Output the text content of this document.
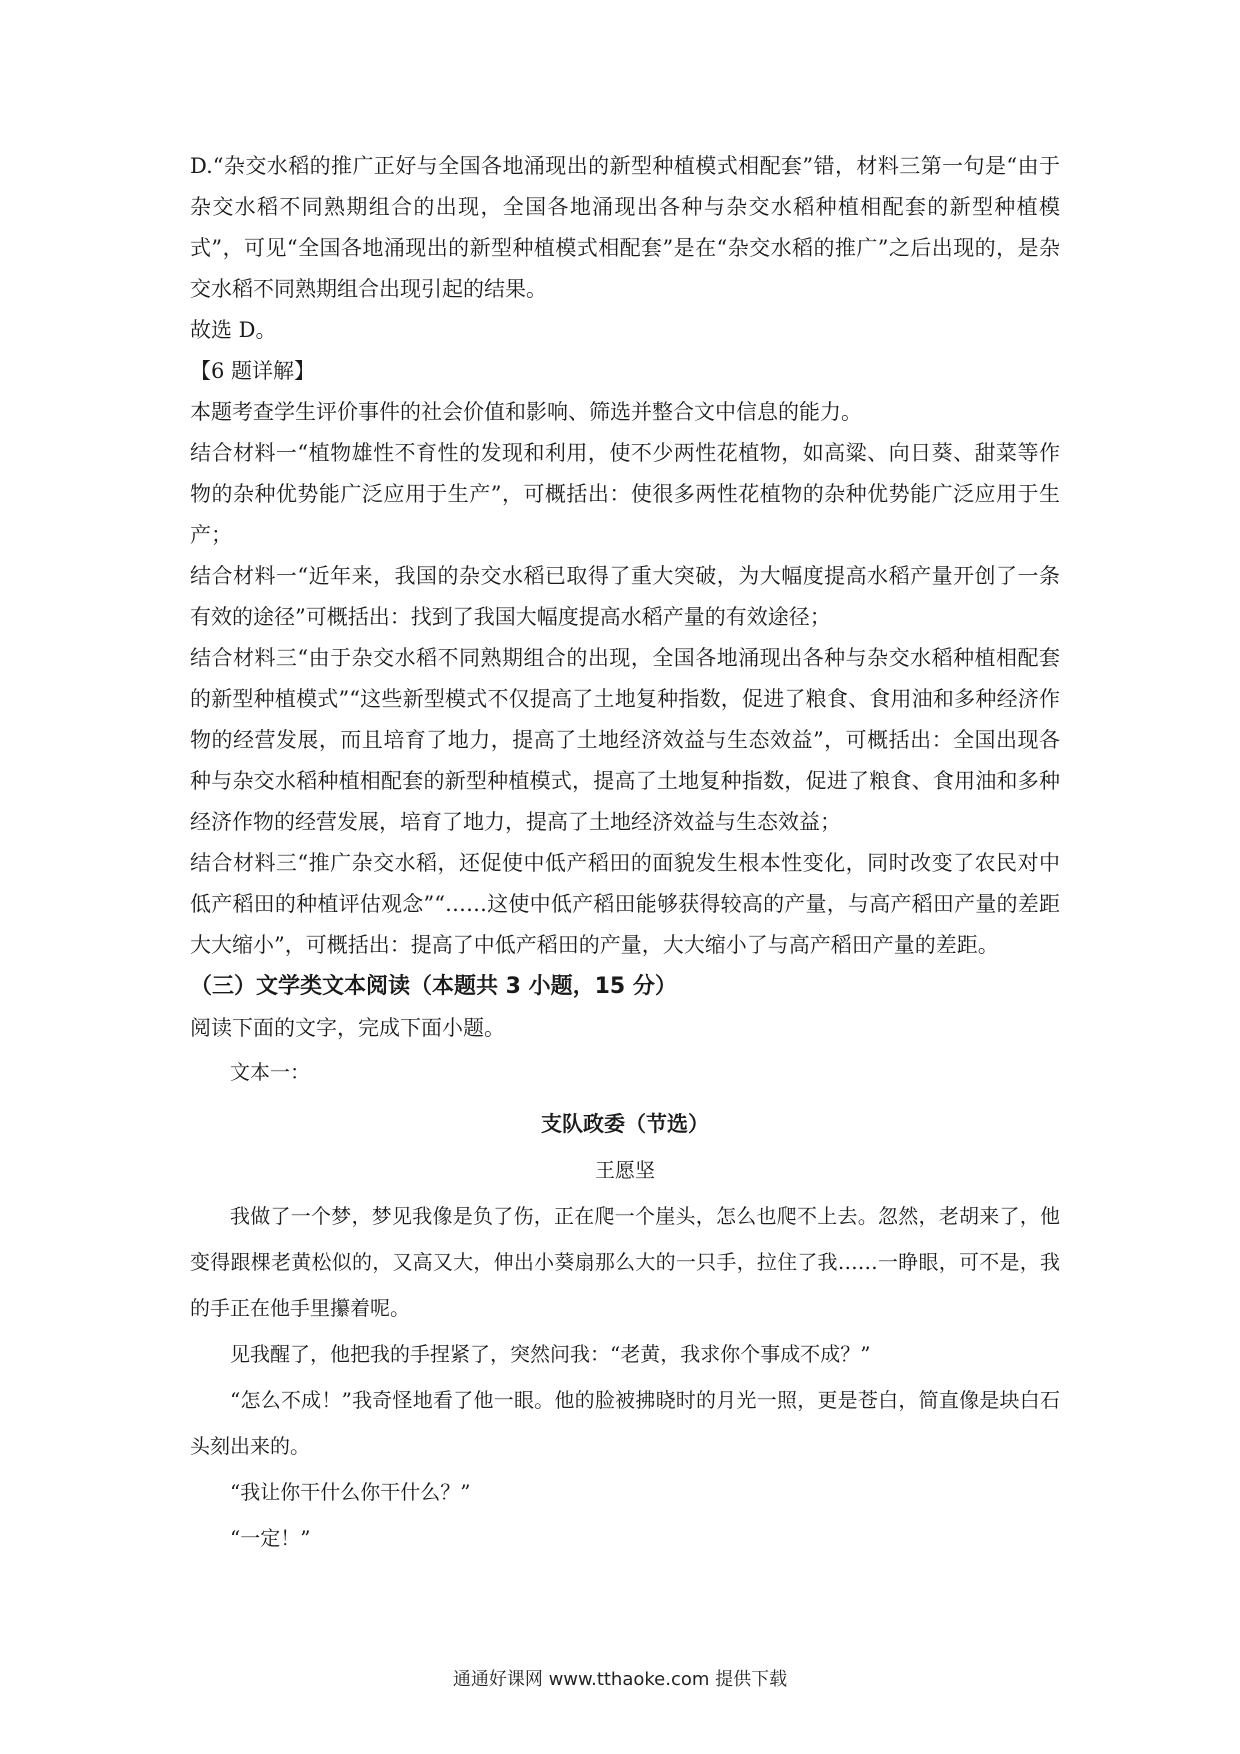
D.“杂交水稻的推广正好与全国各地涌现出的新型种植模式相配套”错，材料三第一句是“由于杂交水稻不同熟期组合的出现，全国各地涌现出各种与杂交水稻种植相配套的新型种植模式”，可见“全国各地涌现出的新型种植模式相配套”是在“杂交水稻的推广”之后出现的，是杂交水稻不同熟期组合出现引起的结果。

故选 D。

【6 题详解】

本题考查学生评价事件的社会价值和影响、筛选并整合文中信息的能力。

结合材料一“植物雄性不育性的发现和利用，使不少两性花植物，如高粱、向日葵、甜菜等作物的杂种优势能广泛应用于生产”，可概括出：使很多两性花植物的杂种优势能广泛应用于生产；

结合材料一“近年来，我国的杂交水稻已取得了重大突破，为大幅度提高水稻产量开创了一条有效的途径”可概括出：找到了我国大幅度提高水稻产量的有效途径；

结合材料三“由于杂交水稻不同熟期组合的出现，全国各地涌现出各种与杂交水稻种植相配套的新型种植模式”“这些新型模式不仅提高了土地复种指数，促进了粮食、食用油和多种经济作物的经营发展，而且培育了地力，提高了土地经济效益与生态效益”，可概括出：全国出现各种与杂交水稻种植相配套的新型种植模式，提高了土地复种指数，促进了粮食、食用油和多种经济作物的经营发展，培育了地力，提高了土地经济效益与生态效益；

结合材料三“推广杂交水稻，还促使中低产稻田的面貌发生根本性变化，同时改变了农民对中低产稻田的种植评估观念”“……这使中低产稻田能够获得较高的产量，与高产稻田产量的差距大大缩小”，可概括出：提高了中低产稻田的产量，大大缩小了与高产稻田产量的差距。

（三）文学类文本阅读（本题共 3 小题，15 分）

阅读下面的文字，完成下面小题。

文本一：

支队政委（节选）

王愿坚

我做了一个梦，梦见我像是负了伤，正在爬一个崖头，怎么也爬不上去。忽然，老胡来了，他变得跟棵老黄松似的，又高又大，伸出小葵扇那么大的一只手，拉住了我……一睁眼，可不是，我的手正在他手里攥着呢。

见我醒了，他把我的手捏紧了，突然问我：“老黄，我求你个事成不成？”

“怎么不成！”我奇怪地看了他一眼。他的脸被拂晓时的月光一照，更是苍白，简直像是块白石头刻出来的。

“我让你干什么你干什么？”

“一定！”

通通好课网 www.tthaoke.com 提供下载
